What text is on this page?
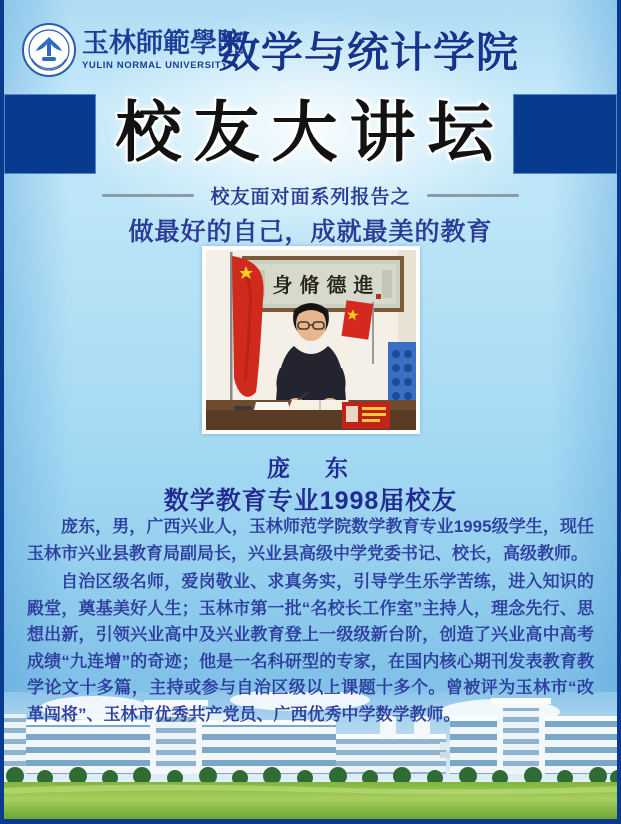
玉林師範學院
YULIN NORMAL UNIVERSITY
数学与统计学院
校友大讲坛
校友面对面系列报告之
做最好的自己，成就最美的教育
身 脩 德 進
庞　东
数学教育专业1998届校友

庞东，男，广西兴业人，玉林师范学院数学教育专业1995级学生，现任玉林市兴业县教育局副局长，兴业县高级中学党委书记、校长，高级教师。

自治区级名师，爱岗敬业、求真务实，引导学生乐学苦练，进入知识的殿堂，奠基美好人生；玉林市第一批“名校长工作室”主持人，理念先行、思想出新，引领兴业高中及兴业教育登上一级级新台阶，创造了兴业高中高考成绩“九连增”的奇迹；他是一名科研型的专家，在国内核心期刊发表教育教学论文十多篇，主持或参与自治区级以上课题十多个。曾被评为玉林市“改革闯将”、玉林市优秀共产党员、广西优秀中学数学教师。
